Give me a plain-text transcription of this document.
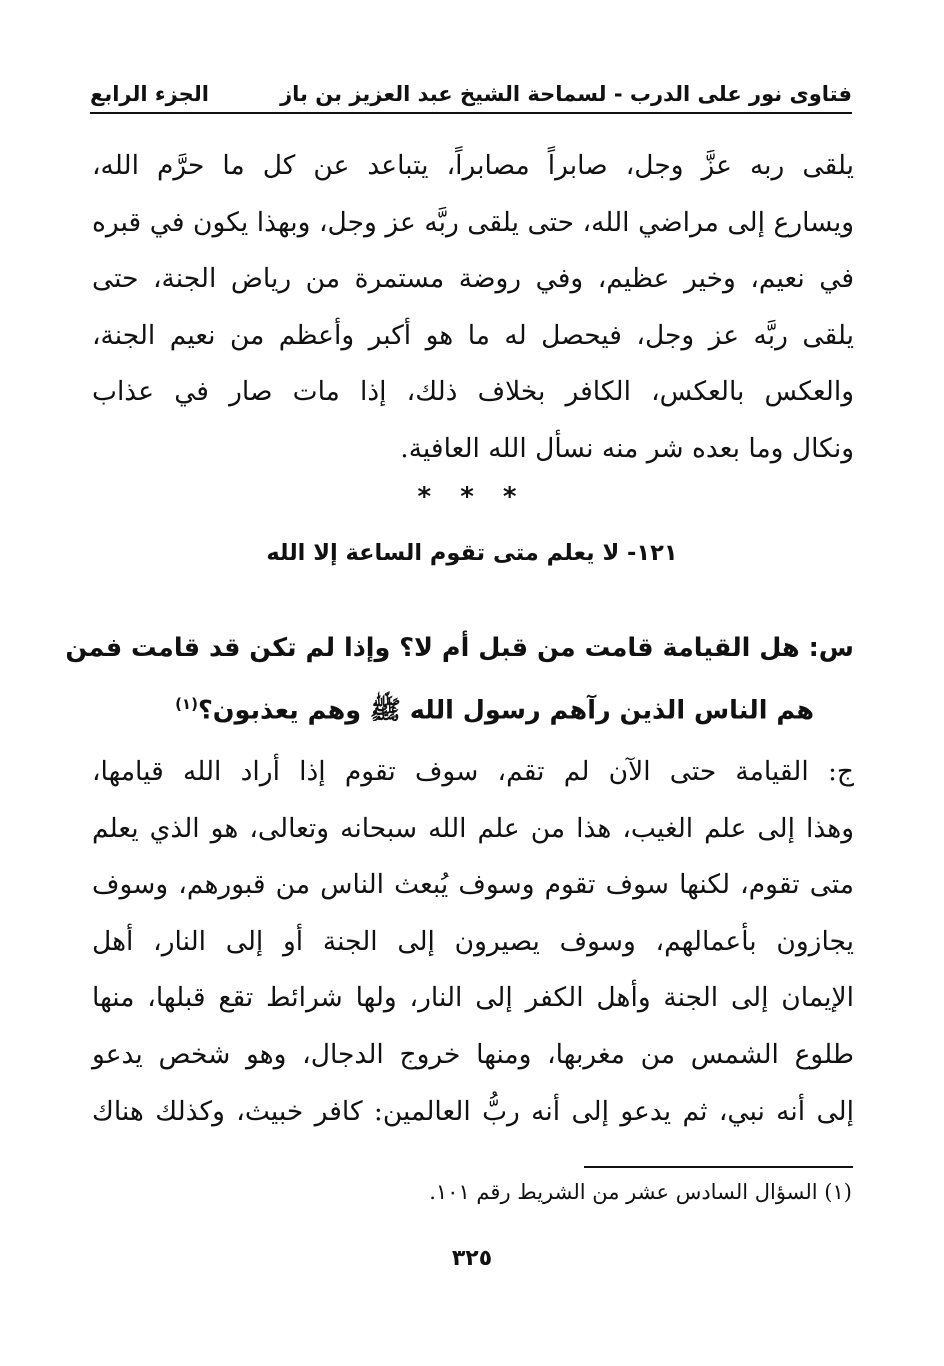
فتاوى نور على الدرب - لسماحة الشيخ عبد العزيز بن باز
الجزء الرابع
يلقى ربه عزَّ وجل، صابراً مصابراً، يتباعد عن كل ما حرَّم الله،
ويسارع إلى مراضي الله، حتى يلقى ربَّه عز وجل، وبهذا يكون في قبره
في نعيم، وخير عظيم، وفي روضة مستمرة من رياض الجنة، حتى
يلقى ربَّه عز وجل، فيحصل له ما هو أكبر وأعظم من نعيم الجنة،
والعكس بالعكس، الكافر بخلاف ذلك، إذا مات صار في عذاب
ونكال وما بعده شر منه نسأل الله العافية.
* * *
١٢١- لا يعلم متى تقوم الساعة إلا الله
س: هل القيامة قامت من قبل أم لا؟ وإذا لم تكن قد قامت فمن
هم الناس الذين رآهم رسول الله ﷺ وهم يعذبون؟$^{(١)}$
ج: القيامة حتى الآن لم تقم، سوف تقوم إذا أراد الله قيامها،
وهذا إلى علم الغيب، هذا من علم الله سبحانه وتعالى، هو الذي يعلم
متى تقوم، لكنها سوف تقوم وسوف يُبعث الناس من قبورهم، وسوف
يجازون بأعمالهم، وسوف يصيرون إلى الجنة أو إلى النار، أهل
الإيمان إلى الجنة وأهل الكفر إلى النار، ولها شرائط تقع قبلها، منها
طلوع الشمس من مغربها، ومنها خروج الدجال، وهو شخص يدعو
إلى أنه نبي، ثم يدعو إلى أنه ربُّ العالمين: كافر خبيث، وكذلك هناك
(١) السؤال السادس عشر من الشريط رقم ١٠١.
٣٢٥
